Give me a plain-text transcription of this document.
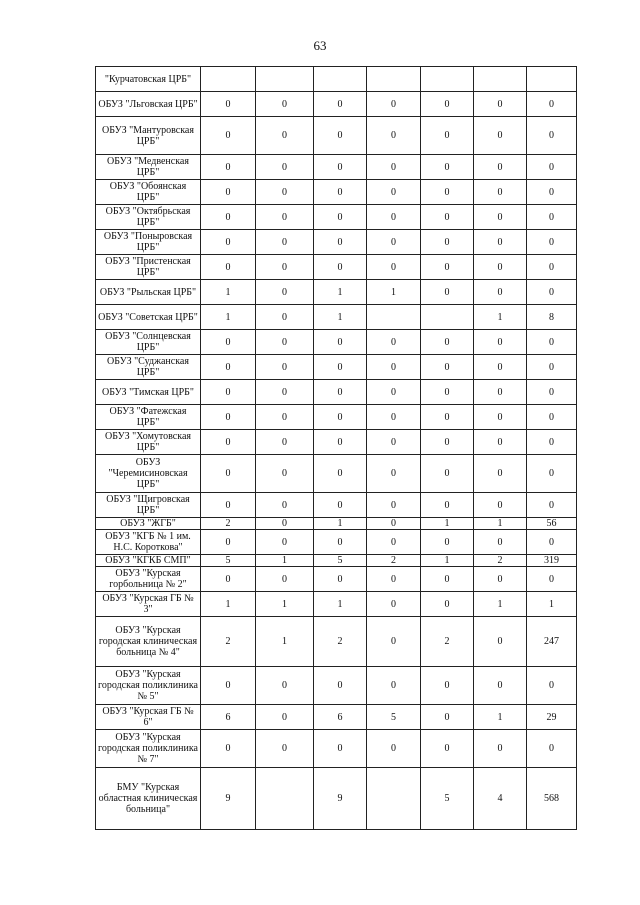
63
"Курчатовская ЦРБ"							
ОБУЗ "Льговская ЦРБ"	0	0	0	0	0	0	0
ОБУЗ "Мантуровская ЦРБ"	0	0	0	0	0	0	0
ОБУЗ "Медвенская ЦРБ"	0	0	0	0	0	0	0
ОБУЗ "Обоянская ЦРБ"	0	0	0	0	0	0	0
ОБУЗ "Октябрьская ЦРБ"	0	0	0	0	0	0	0
ОБУЗ "Поныровская ЦРБ"	0	0	0	0	0	0	0
ОБУЗ "Пристенская ЦРБ"	0	0	0	0	0	0	0
ОБУЗ "Рыльская ЦРБ"	1	0	1	1	0	0	0
ОБУЗ "Советская ЦРБ"	1	0	1			1	8
ОБУЗ "Солнцевская ЦРБ"	0	0	0	0	0	0	0
ОБУЗ "Суджанская ЦРБ"	0	0	0	0	0	0	0
ОБУЗ "Тимская ЦРБ"	0	0	0	0	0	0	0
ОБУЗ "Фатежская ЦРБ"	0	0	0	0	0	0	0
ОБУЗ "Хомутовская ЦРБ"	0	0	0	0	0	0	0
ОБУЗ "Черемисиновская ЦРБ"	0	0	0	0	0	0	0
ОБУЗ "Щигровская ЦРБ"	0	0	0	0	0	0	0
ОБУЗ "ЖГБ"	2	0	1	0	1	1	56
ОБУЗ "КГБ № 1 им. Н.С. Короткова"	0	0	0	0	0	0	0
ОБУЗ "КГКБ СМП"	5	1	5	2	1	2	319
ОБУЗ "Курская горбольница № 2"	0	0	0	0	0	0	0
ОБУЗ "Курская ГБ № 3"	1	1	1	0	0	1	1
ОБУЗ "Курская городская клиническая больница № 4"	2	1	2	0	2	0	247
ОБУЗ "Курская городская поликлиника № 5"	0	0	0	0	0	0	0
ОБУЗ "Курская ГБ № 6"	6	0	6	5	0	1	29
ОБУЗ "Курская городская поликлиника № 7"	0	0	0	0	0	0	0
БМУ "Курская областная клиническая больница"	9		9		5	4	568
